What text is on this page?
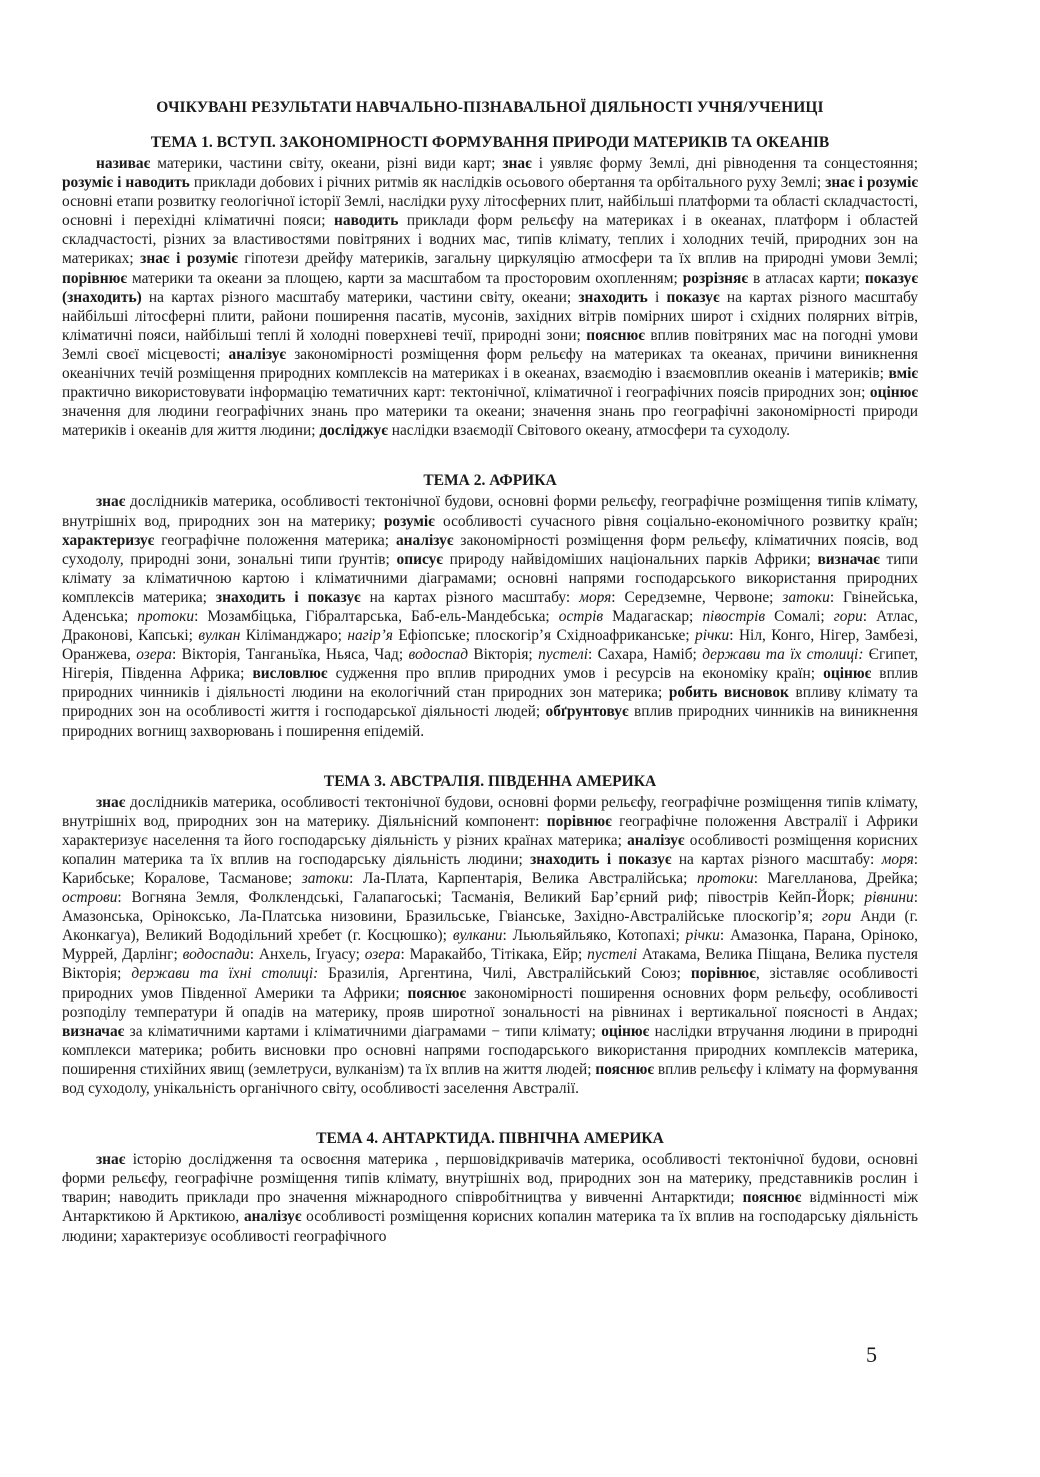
ОЧІКУВАНІ РЕЗУЛЬТАТИ НАВЧАЛЬНО-ПІЗНАВАЛЬНОЇ ДІЯЛЬНОСТІ УЧНЯ/УЧЕНИЦІ
ТЕМА 1. ВСТУП. ЗАКОНОМІРНОСТІ ФОРМУВАННЯ ПРИРОДИ МАТЕРИКІВ ТА ОКЕАНІВ

називає материки, частини світу, океани, різні види карт; знає і уявляє форму Землі, дні рівнодення та сонцестояння; розуміє і наводить приклади добових і річних ритмів як наслідків осьового обертання та орбітального руху Землі; знає і розуміє основні етапи розвитку геологічної історії Землі, наслідки руху літосферних плит, найбільші платформи та області складчастості, основні і перехідні кліматичні пояси; наводить приклади форм рельєфу на материках і в океанах, платформ і областей складчастості, різних за властивостями повітряних і водних мас, типів клімату, теплих і холодних течій, природних зон на материках; знає і розуміє гіпотези дрейфу материків, загальну циркуляцію атмосфери та їх вплив на природні умови Землі; порівнює материки та океани за площею, карти за масштабом та просторовим охопленням; розрізняє в атласах карти; показує (знаходить) на картах різного масштабу материки, частини світу, океани; знаходить і показує на картах різного масштабу найбільші літосферні плити, райони поширення пасатів, мусонів, західних вітрів помірних широт і східних полярних вітрів, кліматичні пояси, найбільші теплі й холодні поверхневі течії, природні зони; пояснює вплив повітряних мас на погодні умови Землі своєї місцевості; аналізує закономірності розміщення форм рельєфу на материках та океанах, причини виникнення океанічних течій розміщення природних комплексів на материках і в океанах, взаємодію і взаємовплив океанів і материків; вміє практично використовувати інформацію тематичних карт: тектонічної, кліматичної і географічних поясів природних зон; оцінює значення для людини географічних знань про материки та океани; значення знань про географічні закономірності природи материків і океанів для життя людини; досліджує наслідки взаємодії Світового океану, атмосфери та суходолу.

ТЕМА 2. АФРИКА

знає дослідників материка, особливості тектонічної будови, основні форми рельєфу, географічне розміщення типів клімату, внутрішніх вод, природних зон на материку; розуміє особливості сучасного рівня соціально-економічного розвитку країн; характеризує географічне положення материка; аналізує закономірності розміщення форм рельєфу, кліматичних поясів, вод суходолу, природні зони, зональні типи ґрунтів; описує природу найвідоміших національних парків Африки; визначає типи клімату за кліматичною картою і кліматичними діаграмами; основні напрями господарського використання природних комплексів материка; знаходить і показує на картах різного масштабу: моря: Середземне, Червоне; затоки: Гвінейська, Аденська; протоки: Мозамбіцька, Гібралтарська, Баб-ель-Мандебська; острів Мадагаскар; півострів Сомалі; гори: Атлас, Драконові, Капські; вулкан Кіліманджаро; нагір’я Ефіопське; плоскогір’я Східноафриканське; річки: Ніл, Конго, Нігер, Замбезі, Оранжева, озера: Вікторія, Танганьїка, Ньяса, Чад; водоспад Вікторія; пустелі: Сахара, Наміб; держави та їх столиці: Єгипет, Нігерія, Південна Африка; висловлює судження про вплив природних умов і ресурсів на економіку країн; оцінює вплив природних чинників і діяльності людини на екологічний стан природних зон материка; робить висновок впливу клімату та природних зон на особливості життя і господарської діяльності людей; обґрунтовує вплив природних чинників на виникнення природних вогнищ захворювань і поширення епідемій.

ТЕМА 3. АВСТРАЛІЯ. ПІВДЕННА АМЕРИКА

знає дослідників материка, особливості тектонічної будови, основні форми рельєфу, географічне розміщення типів клімату, внутрішніх вод, природних зон на материку. Діяльнісний компонент: порівнює географічне положення Австралії і Африки характеризує населення та його господарську діяльність у різних країнах материка; аналізує особливості розміщення корисних копалин материка та їх вплив на господарську діяльність людини; знаходить і показує на картах різного масштабу: моря: Карибське; Коралове, Тасманове; затоки: Ла-Плата, Карпентарія, Велика Австралійська; протоки: Магелланова, Дрейка; острови: Вогняна Земля, Фолклендські, Галапагоські; Тасманія, Великий Бар’єрний риф; півострів Кейп-Йорк; рівнини: Амазонська, Оріноксько, Ла-Платська низовини, Бразильське, Гвіанське, Західно-Австралійське плоскогір’я; гори Анди (г. Аконкагуа), Великий Вододільний хребет (г. Косцюшко); вулкани: Льюльяйльяко, Котопахі; річки: Амазонка, Парана, Оріноко, Муррей, Дарлінг; водоспади: Анхель, Ігуасу; озера: Маракайбо, Тітікака, Ейр; пустелі Атакама, Велика Піщана, Велика пустеля Вікторія; держави та їхні столиці: Бразилія, Аргентина, Чилі, Австралійський Союз; порівнює, зіставляє особливості природних умов Південної Америки та Африки; пояснює закономірності поширення основних форм рельєфу, особливості розподілу температури й опадів на материку, прояв широтної зональності на рівнинах і вертикальної поясності в Андах; визначає за кліматичними картами і кліматичними діаграмами − типи клімату; оцінює наслідки втручання людини в природні комплекси материка; робить висновки про основні напрями господарського використання природних комплексів материка, поширення стихійних явищ (землетруси, вулканізм) та їх вплив на життя людей; пояснює вплив рельєфу і клімату на формування вод суходолу, унікальність органічного світу, особливості заселення Австралії.

ТЕМА 4. АНТАРКТИДА. ПІВНІЧНА АМЕРИКА

знає історію дослідження та освоєння материка , першовідкривачів материка, особливості тектонічної будови, основні форми рельєфу, географічне розміщення типів клімату, внутрішніх вод, природних зон на материку, представників рослин і тварин; наводить приклади про значення міжнародного співробітництва у вивченні Антарктиди; пояснює відмінності між Антарктикою й Арктикою, аналізує особливості розміщення корисних копалин материка та їх вплив на господарську діяльність людини; характеризує особливості географічного

5
